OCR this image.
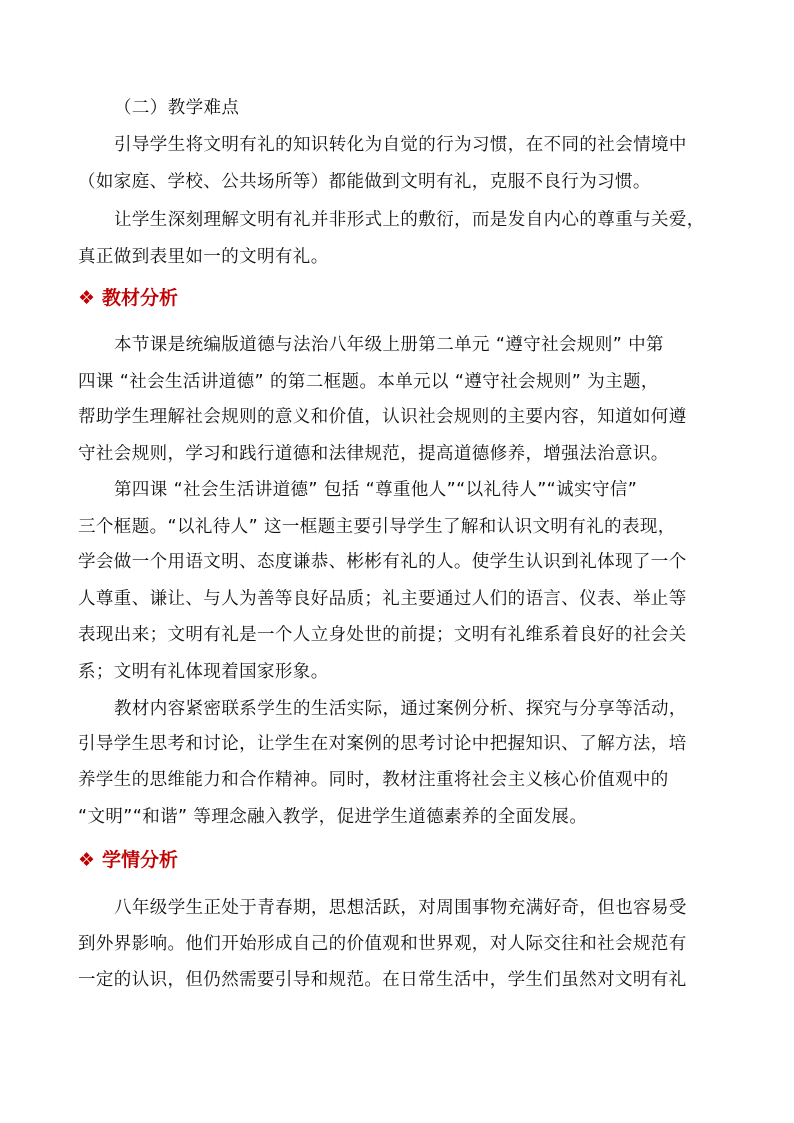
（二）教学难点
引导学生将文明有礼的知识转化为自觉的行为习惯，在不同的社会情境中
（如家庭、学校、公共场所等）都能做到文明有礼，克服不良行为习惯。
让学生深刻理解文明有礼并非形式上的敷衍，而是发自内心的尊重与关爱，
真正做到表里如一的文明有礼。
❖ 教材分析
本节课是统编版道德与法治八年级上册第二单元 “遵守社会规则” 中第
四课 “社会生活讲道德” 的第二框题。本单元以 “遵守社会规则” 为主题，
帮助学生理解社会规则的意义和价值，认识社会规则的主要内容，知道如何遵
守社会规则，学习和践行道德和法律规范，提高道德修养，增强法治意识。
第四课 “社会生活讲道德” 包括 “尊重他人”“以礼待人”“诚实守信”
三个框题。“以礼待人” 这一框题主要引导学生了解和认识文明有礼的表现，
学会做一个用语文明、态度谦恭、彬彬有礼的人。使学生认识到礼体现了一个
人尊重、谦让、与人为善等良好品质；礼主要通过人们的语言、仪表、举止等
表现出来；文明有礼是一个人立身处世的前提；文明有礼维系着良好的社会关
系；文明有礼体现着国家形象。
教材内容紧密联系学生的生活实际，通过案例分析、探究与分享等活动，
引导学生思考和讨论，让学生在对案例的思考讨论中把握知识、了解方法，培
养学生的思维能力和合作精神。同时，教材注重将社会主义核心价值观中的
“文明”“和谐” 等理念融入教学，促进学生道德素养的全面发展。
❖ 学情分析
八年级学生正处于青春期，思想活跃，对周围事物充满好奇，但也容易受
到外界影响。他们开始形成自己的价值观和世界观，对人际交往和社会规范有
一定的认识，但仍然需要引导和规范。在日常生活中，学生们虽然对文明有礼
